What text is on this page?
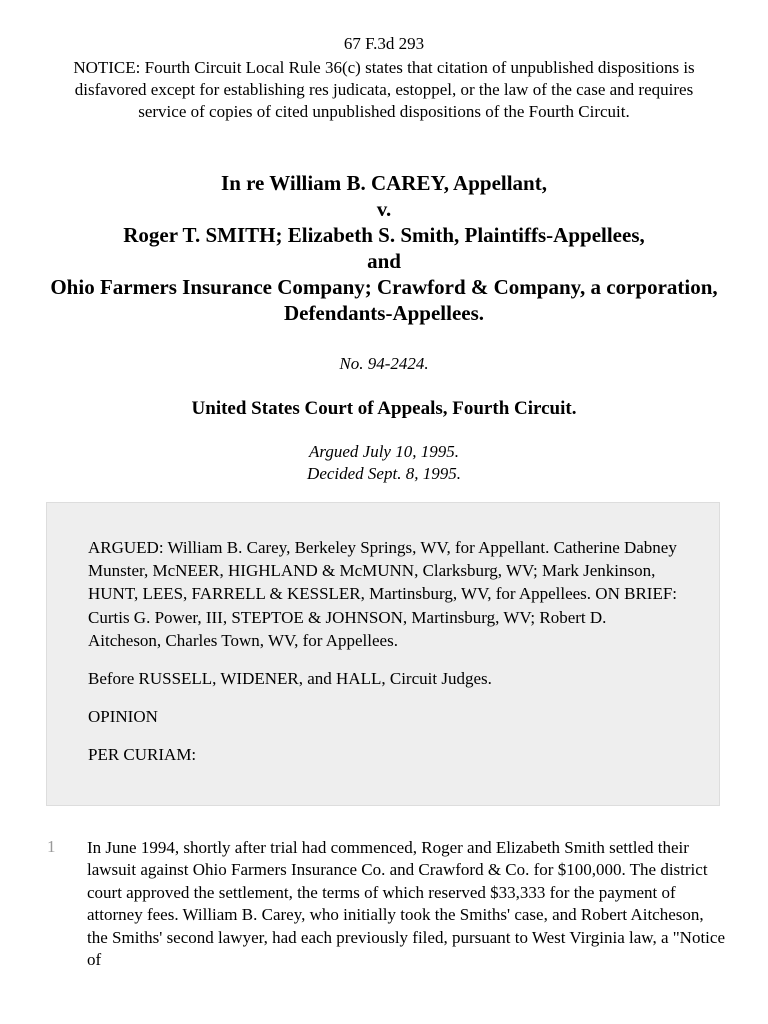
67 F.3d 293
NOTICE: Fourth Circuit Local Rule 36(c) states that citation of unpublished dispositions is disfavored except for establishing res judicata, estoppel, or the law of the case and requires service of copies of cited unpublished dispositions of the Fourth Circuit.
In re William B. CAREY, Appellant,
v.
Roger T. SMITH; Elizabeth S. Smith, Plaintiffs-Appellees,
and
Ohio Farmers Insurance Company; Crawford & Company, a corporation, Defendants-Appellees.
No. 94-2424.
United States Court of Appeals, Fourth Circuit.
Argued July 10, 1995.
Decided Sept. 8, 1995.

ARGUED: William B. Carey, Berkeley Springs, WV, for Appellant. Catherine Dabney Munster, McNEER, HIGHLAND & McMUNN, Clarksburg, WV; Mark Jenkinson, HUNT, LEES, FARRELL & KESSLER, Martinsburg, WV, for Appellees. ON BRIEF: Curtis G. Power, III, STEPTOE & JOHNSON, Martinsburg, WV; Robert D. Aitcheson, Charles Town, WV, for Appellees.

Before RUSSELL, WIDENER, and HALL, Circuit Judges.

OPINION

PER CURIAM:

1 In June 1994, shortly after trial had commenced, Roger and Elizabeth Smith settled their lawsuit against Ohio Farmers Insurance Co. and Crawford & Co. for $100,000. The district court approved the settlement, the terms of which reserved $33,333 for the payment of attorney fees. William B. Carey, who initially took the Smiths' case, and Robert Aitcheson, the Smiths' second lawyer, had each previously filed, pursuant to West Virginia law, a "Notice of
